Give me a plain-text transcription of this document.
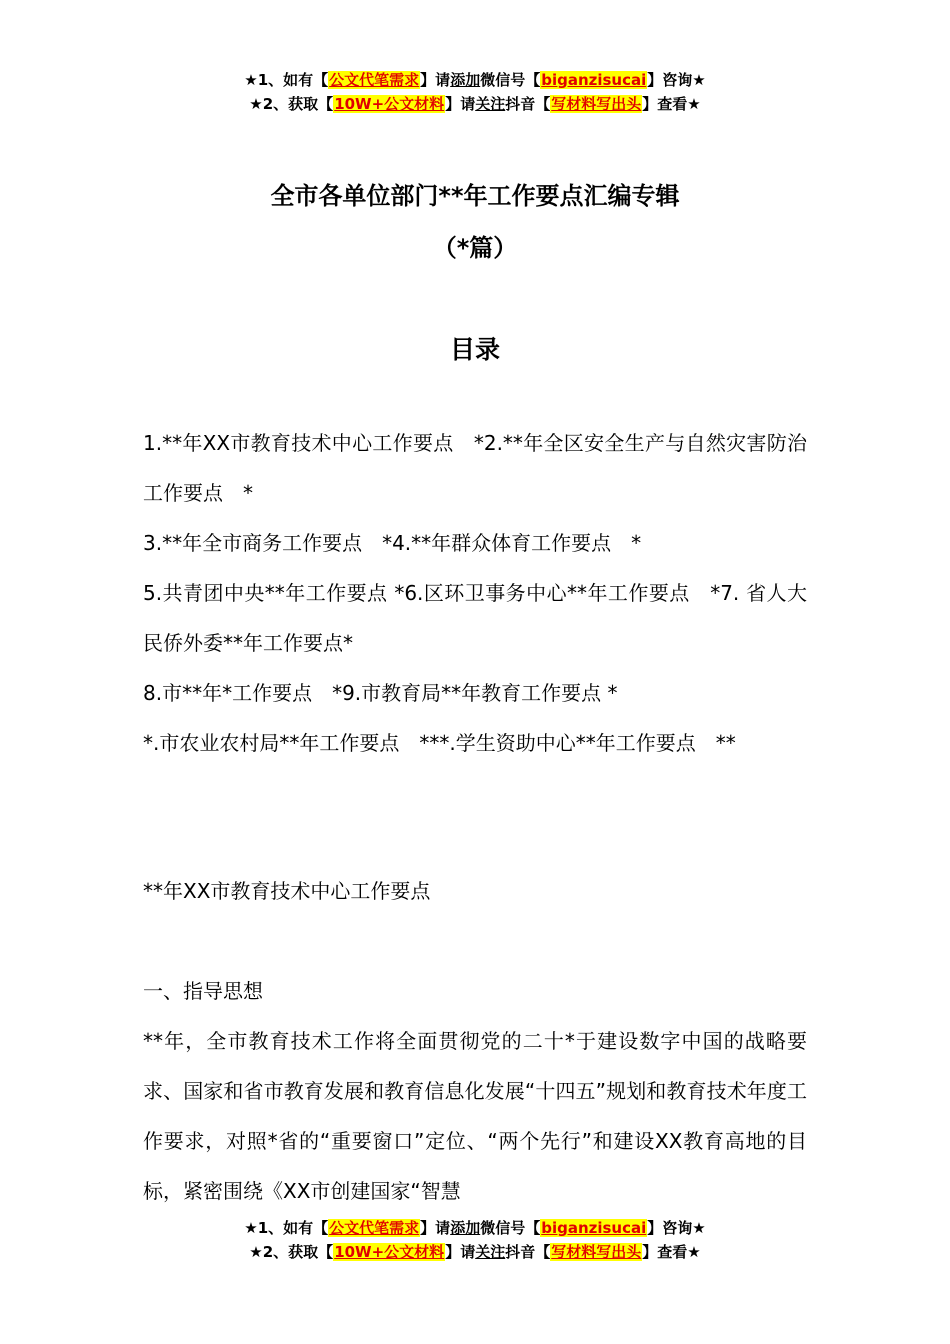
★1、如有【公文代笔需求】请添加微信号【biganzisucai】咨询★
★2、获取【10W+公文材料】请关注抖音【写材料写出头】查看★
全市各单位部门**年工作要点汇编专辑
（*篇）
目录

1.**年XX市教育技术中心工作要点　*2.**年全区安全生产与自然灾害防治工作要点　*

3.**年全市商务工作要点　*4.**年群众体育工作要点　*

5.共青团中央**年工作要点 *6.区环卫事务中心**年工作要点　*7. 省人大民侨外委**年工作要点*

8.市**年*工作要点　*9.市教育局**年教育工作要点 *

*.市农业农村局**年工作要点　***.学生资助中心**年工作要点　**

**年XX市教育技术中心工作要点
一、指导思想
**年，全市教育技术工作将全面贯彻党的二十*于建设数字中国的战略要求、国家和省市教育发展和教育信息化发展“十四五”规划和教育技术年度工作要求，对照*省的“重要窗口”定位、“两个先行”和建设XX教育高地的目标，紧密围绕《XX市创建国家“智慧
★1、如有【公文代笔需求】请添加微信号【biganzisucai】咨询★
★2、获取【10W+公文材料】请关注抖音【写材料写出头】查看★
